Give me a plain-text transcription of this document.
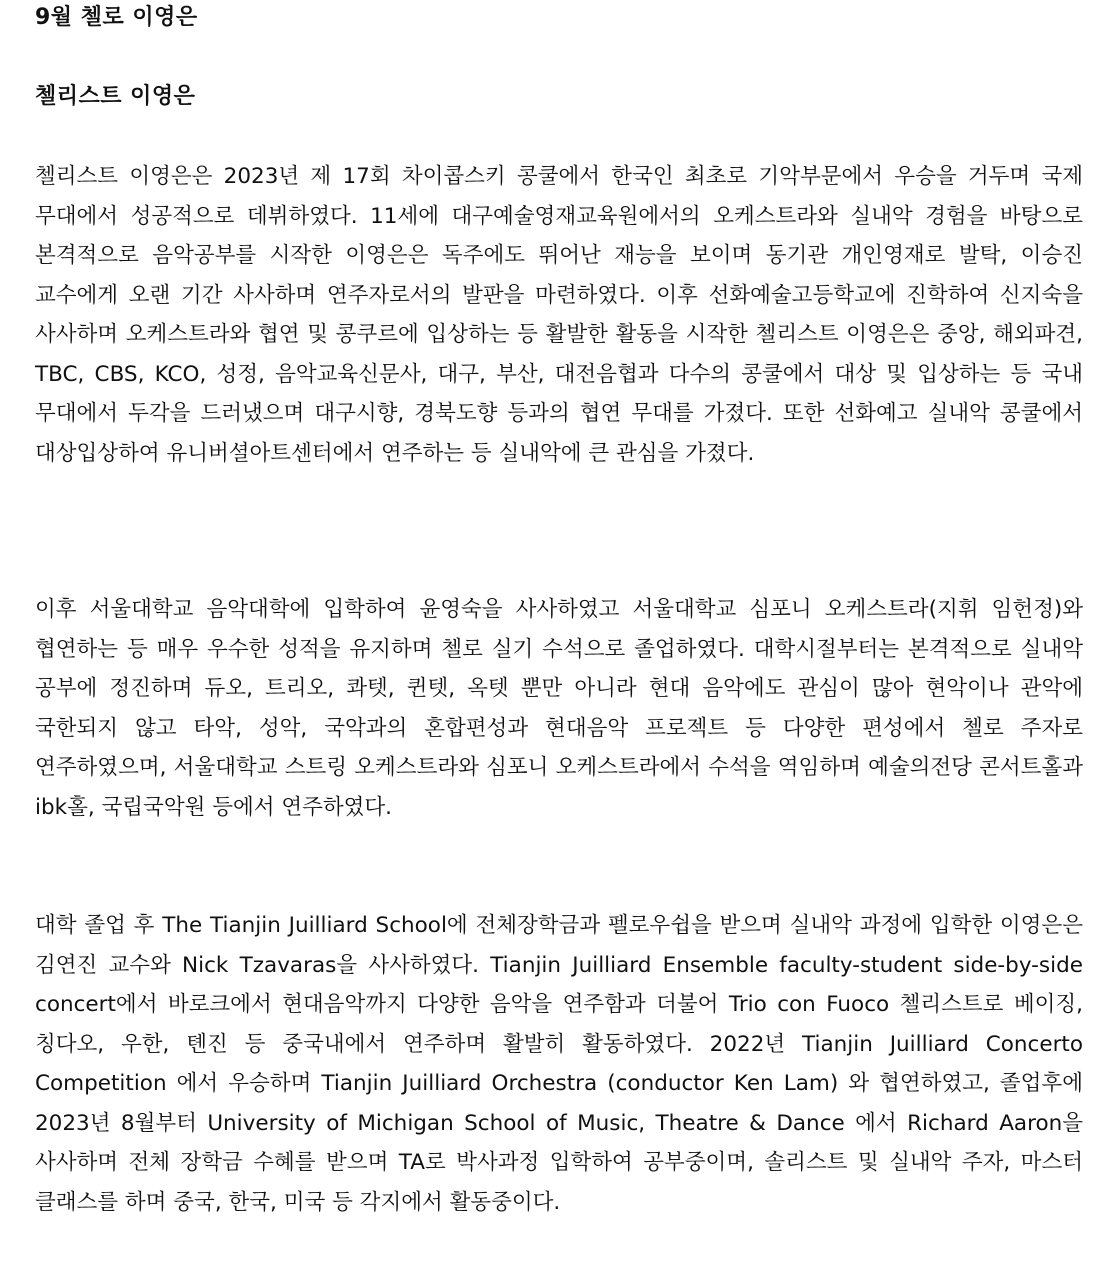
9월 첼로 이영은
첼리스트 이영은

첼리스트 이영은은 2023년 제 17회 차이콥스키 콩쿨에서 한국인 최초로 기악부문에서 우승을 거두며 국제 무대에서 성공적으로 데뷔하였다. 11세에 대구예술영재교육원에서의 오케스트라와 실내악 경험을 바탕으로 본격적으로 음악공부를 시작한 이영은은 독주에도 뛰어난 재능을 보이며 동기관 개인영재로 발탁, 이승진 교수에게 오랜 기간 사사하며 연주자로서의 발판을 마련하였다. 이후 선화예술고등학교에 진학하여 신지숙을 사사하며 오케스트라와 협연 및 콩쿠르에 입상하는 등 활발한 활동을 시작한 첼리스트 이영은은 중앙, 해외파견, TBC, CBS, KCO, 성정, 음악교육신문사, 대구, 부산, 대전음협과 다수의 콩쿨에서 대상 및 입상하는 등 국내 무대에서 두각을 드러냈으며 대구시향, 경북도향 등과의 협연 무대를 가졌다. 또한 선화예고 실내악 콩쿨에서 대상입상하여 유니버셜아트센터에서 연주하는 등 실내악에 큰 관심을 가졌다.

이후 서울대학교 음악대학에 입학하여 윤영숙을 사사하였고 서울대학교 심포니 오케스트라(지휘 임헌정)와 협연하는 등 매우 우수한 성적을 유지하며 첼로 실기 수석으로 졸업하였다. 대학시절부터는 본격적으로 실내악 공부에 정진하며 듀오, 트리오, 콰텟, 퀸텟, 옥텟 뿐만 아니라 현대 음악에도 관심이 많아 현악이나 관악에 국한되지 않고 타악, 성악, 국악과의 혼합편성과 현대음악 프로젝트 등 다양한 편성에서 첼로 주자로 연주하였으며, 서울대학교 스트링 오케스트라와 심포니 오케스트라에서 수석을 역임하며 예술의전당 콘서트홀과 ibk홀, 국립국악원 등에서 연주하였다.

대학 졸업 후 The Tianjin Juilliard School에 전체장학금과 펠로우쉽을 받으며 실내악 과정에 입학한 이영은은 김연진 교수와 Nick Tzavaras을 사사하였다. Tianjin Juilliard Ensemble faculty-student side-by-side concert에서 바로크에서 현대음악까지 다양한 음악을 연주함과 더불어 Trio con Fuoco 첼리스트로 베이징, 칭다오, 우한, 톈진 등 중국내에서 연주하며 활발히 활동하였다. 2022년 Tianjin Juilliard Concerto Competition 에서 우승하며 Tianjin Juilliard Orchestra (conductor Ken Lam) 와 협연하였고, 졸업후에 2023년 8월부터 University of Michigan School of Music, Theatre & Dance 에서 Richard Aaron을 사사하며 전체 장학금 수혜를 받으며 TA로 박사과정 입학하여 공부중이며, 솔리스트 및 실내악 주자, 마스터 클래스를 하며 중국, 한국, 미국 등 각지에서 활동중이다.
